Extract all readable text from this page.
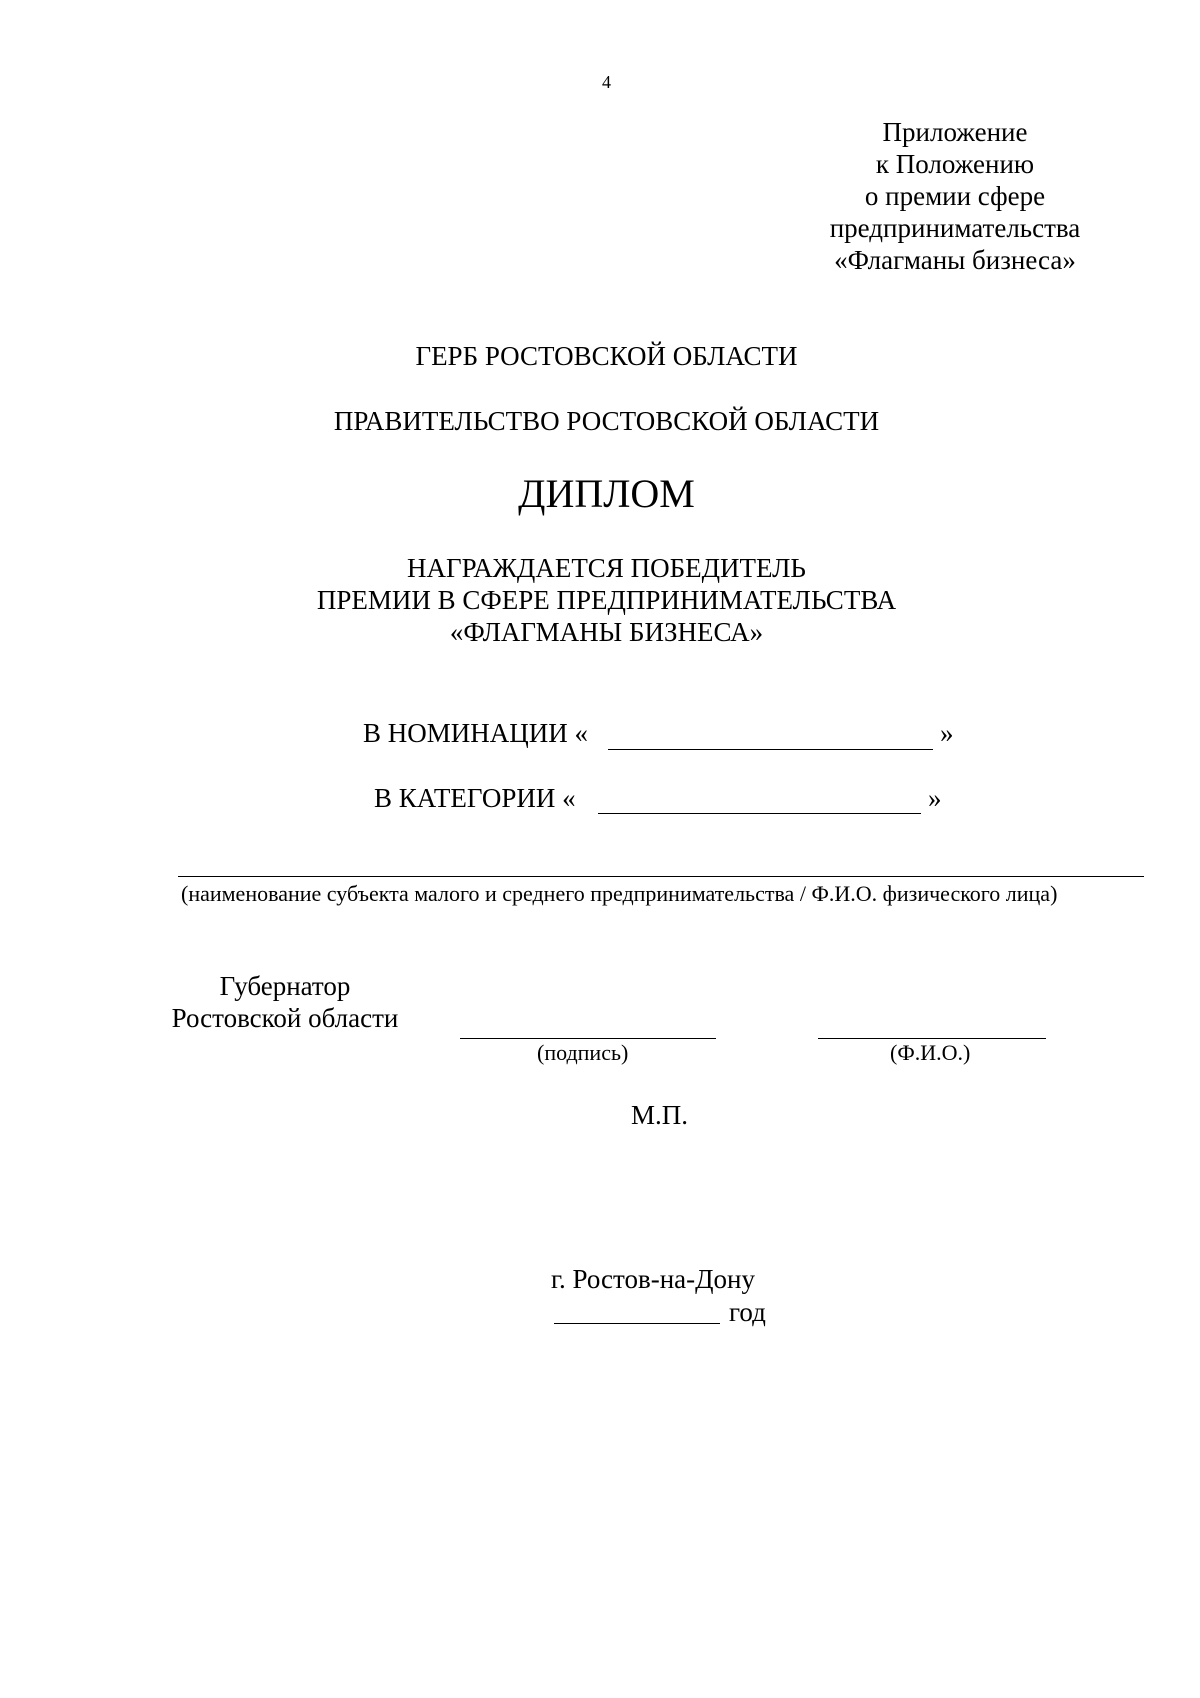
4
Приложение
к Положению
о премии сфере
предпринимательства
«Флагманы бизнеса»
ГЕРБ РОСТОВСКОЙ ОБЛАСТИ
ПРАВИТЕЛЬСТВО РОСТОВСКОЙ ОБЛАСТИ
ДИПЛОМ
НАГРАЖДАЕТСЯ ПОБЕДИТЕЛЬ
ПРЕМИИ В СФЕРЕ ПРЕДПРИНИМАТЕЛЬСТВА
«ФЛАГМАНЫ БИЗНЕСА»
В НОМИНАЦИИ «	»
В КАТЕГОРИИ «	»
(наименование субъекта малого и среднего предпринимательства / Ф.И.О. физического лица)
Губернатор
Ростовской области
(подпись)	(Ф.И.О.)
М.П.
г. Ростов-на-Дону
год
